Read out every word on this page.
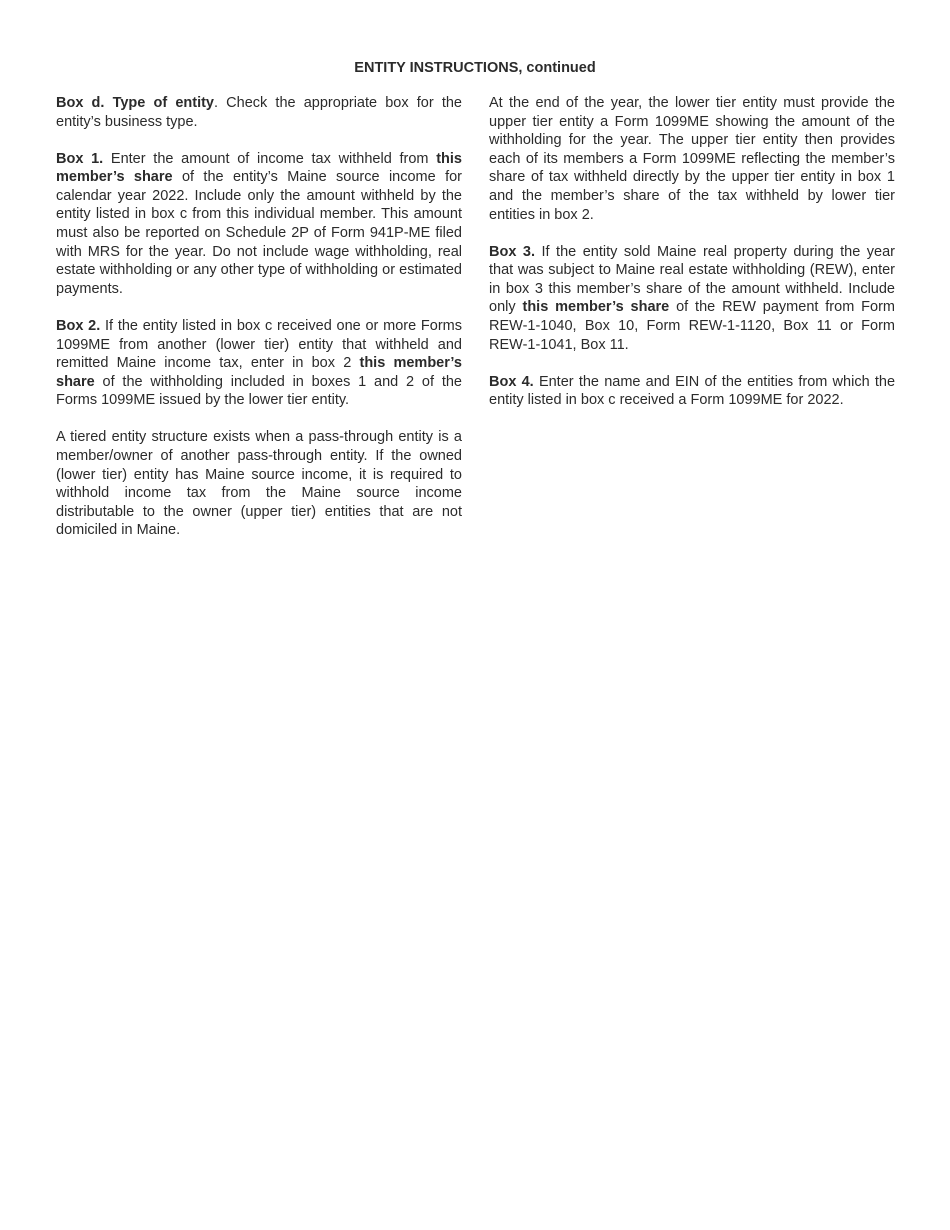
ENTITY INSTRUCTIONS, continued

Box d. Type of entity. Check the appropriate box for the entity’s business type.

Box 1. Enter the amount of income tax withheld from this member’s share of the entity’s Maine source income for calendar year 2022. Include only the amount withheld by the entity listed in box c from this individual member. This amount must also be reported on Schedule 2P of Form 941P-ME filed with MRS for the year. Do not include wage withholding, real estate withholding or any other type of withholding or estimated payments.

Box 2. If the entity listed in box c received one or more Forms 1099ME from another (lower tier) entity that withheld and remitted Maine income tax, enter in box 2 this member’s share of the withholding included in boxes 1 and 2 of the Forms 1099ME issued by the lower tier entity.

A tiered entity structure exists when a pass-through entity is a member/owner of another pass-through entity. If the owned (lower tier) entity has Maine source income, it is required to withhold income tax from the Maine source income distributable to the owner (upper tier) entities that are not domiciled in Maine.

At the end of the year, the lower tier entity must provide the upper tier entity a Form 1099ME showing the amount of the withholding for the year. The upper tier entity then provides each of its members a Form 1099ME reflecting the member’s share of tax withheld directly by the upper tier entity in box 1 and the member’s share of the tax withheld by lower tier entities in box 2.

Box 3. If the entity sold Maine real property during the year that was subject to Maine real estate withholding (REW), enter in box 3 this member’s share of the amount withheld. Include only this member’s share of the REW payment from Form REW-1-1040, Box 10, Form REW-1-1120, Box 11 or Form REW-1-1041, Box 11.

Box 4. Enter the name and EIN of the entities from which the entity listed in box c received a Form 1099ME for 2022.
